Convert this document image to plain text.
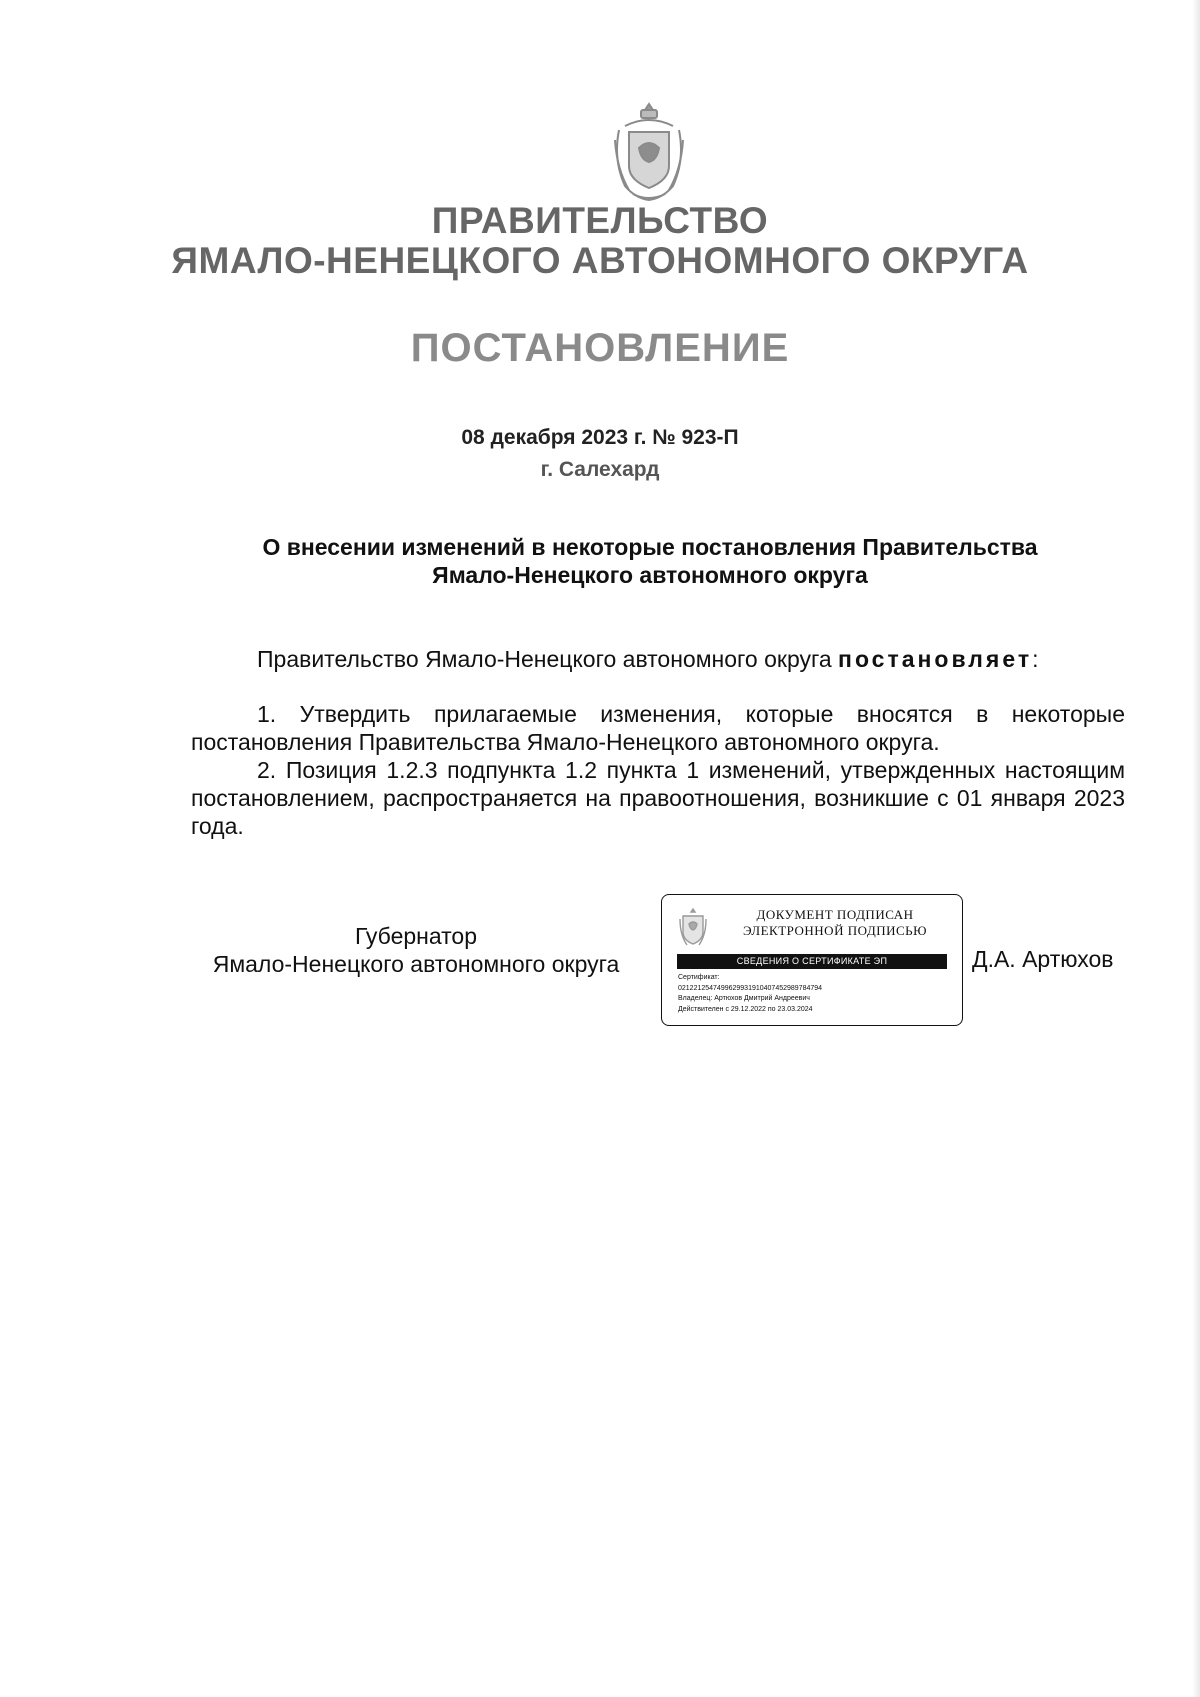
ПРАВИТЕЛЬСТВО
ЯМАЛО-НЕНЕЦКОГО АВТОНОМНОГО ОКРУГА
ПОСТАНОВЛЕНИЕ
08 декабря 2023 г. № 923-П
г. Салехард
О внесении изменений в некоторые постановления Правительства
Ямало-Ненецкого автономного округа
Правительство Ямало-Ненецкого автономного округа постановляет:

1. Утвердить прилагаемые изменения, которые вносятся в некоторые постановления Правительства Ямало-Ненецкого автономного округа.

2. Позиция 1.2.3 подпункта 1.2 пункта 1 изменений, утвержденных настоящим постановлением, распространяется на правоотношения, возникшие с 01 января 2023 года.

Губернатор
Ямало-Ненецкого автономного округа
ДОКУМЕНТ ПОДПИСАН
ЭЛЕКТРОННОЙ ПОДПИСЬЮ
СВЕДЕНИЯ О СЕРТИФИКАТЕ ЭП
Сертификат:
0212212547499629931910407452989784794
Владелец: Артюхов Дмитрий Андреевич
Действителен с 29.12.2022 по 23.03.2024
Д.А. Артюхов
